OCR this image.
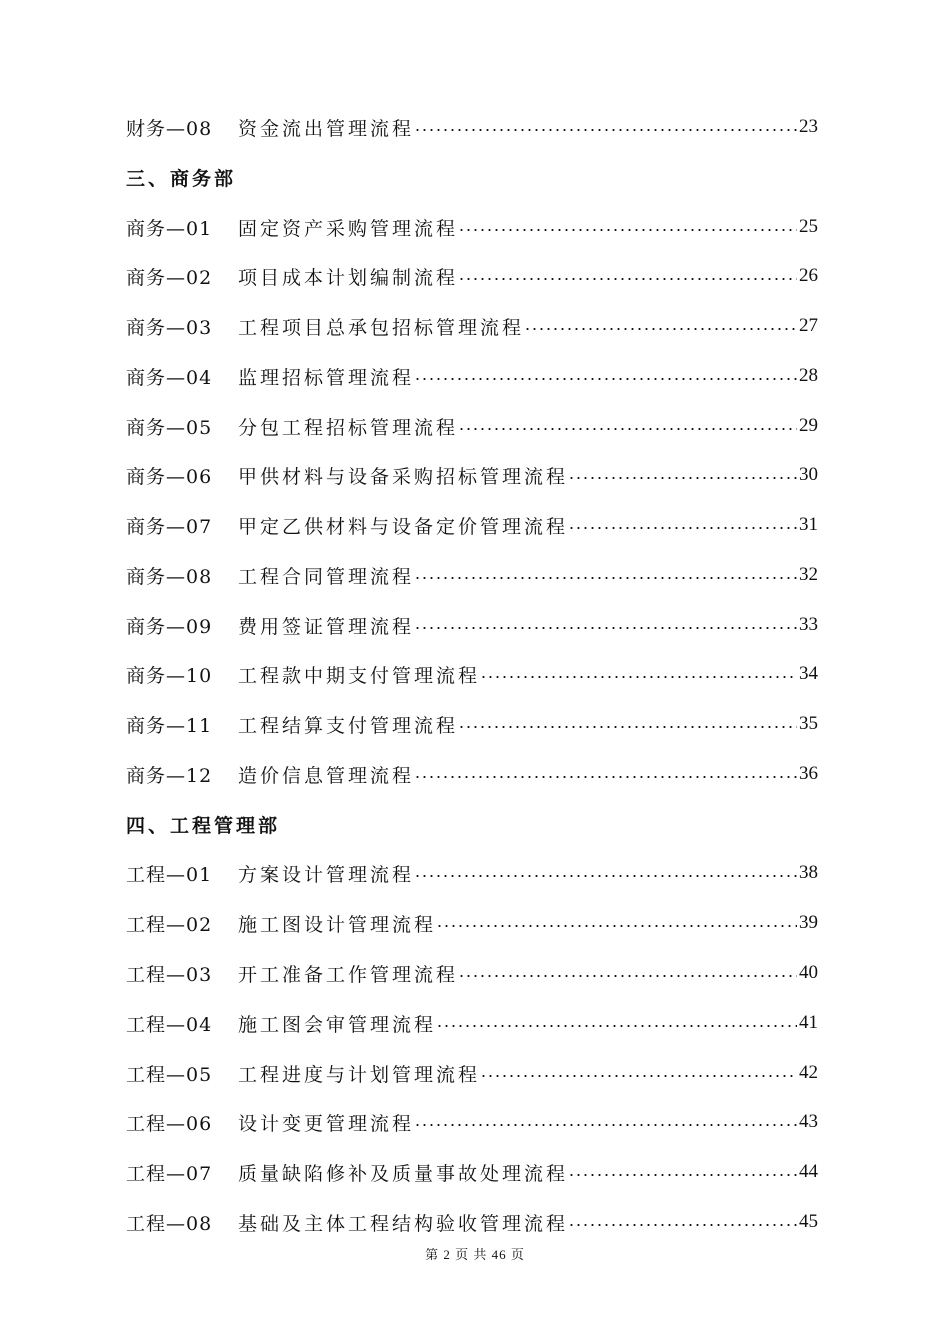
财务—08	资金流出管理流程	23
三、商务部
商务—01	固定资产采购管理流程	25
商务—02	项目成本计划编制流程	26
商务—03	工程项目总承包招标管理流程	27
商务—04	监理招标管理流程	28
商务—05	分包工程招标管理流程	29
商务—06	甲供材料与设备采购招标管理流程	30
商务—07	甲定乙供材料与设备定价管理流程	31
商务—08	工程合同管理流程	32
商务—09	费用签证管理流程	33
商务—10	工程款中期支付管理流程	34
商务—11	工程结算支付管理流程	35
商务—12	造价信息管理流程	36
四、工程管理部
工程—01	方案设计管理流程	38
工程—02	施工图设计管理流程	39
工程—03	开工准备工作管理流程	40
工程—04	施工图会审管理流程	41
工程—05	工程进度与计划管理流程	42
工程—06	设计变更管理流程	43
工程—07	质量缺陷修补及质量事故处理流程	44
工程—08	基础及主体工程结构验收管理流程	45
第 2 页 共 46 页
